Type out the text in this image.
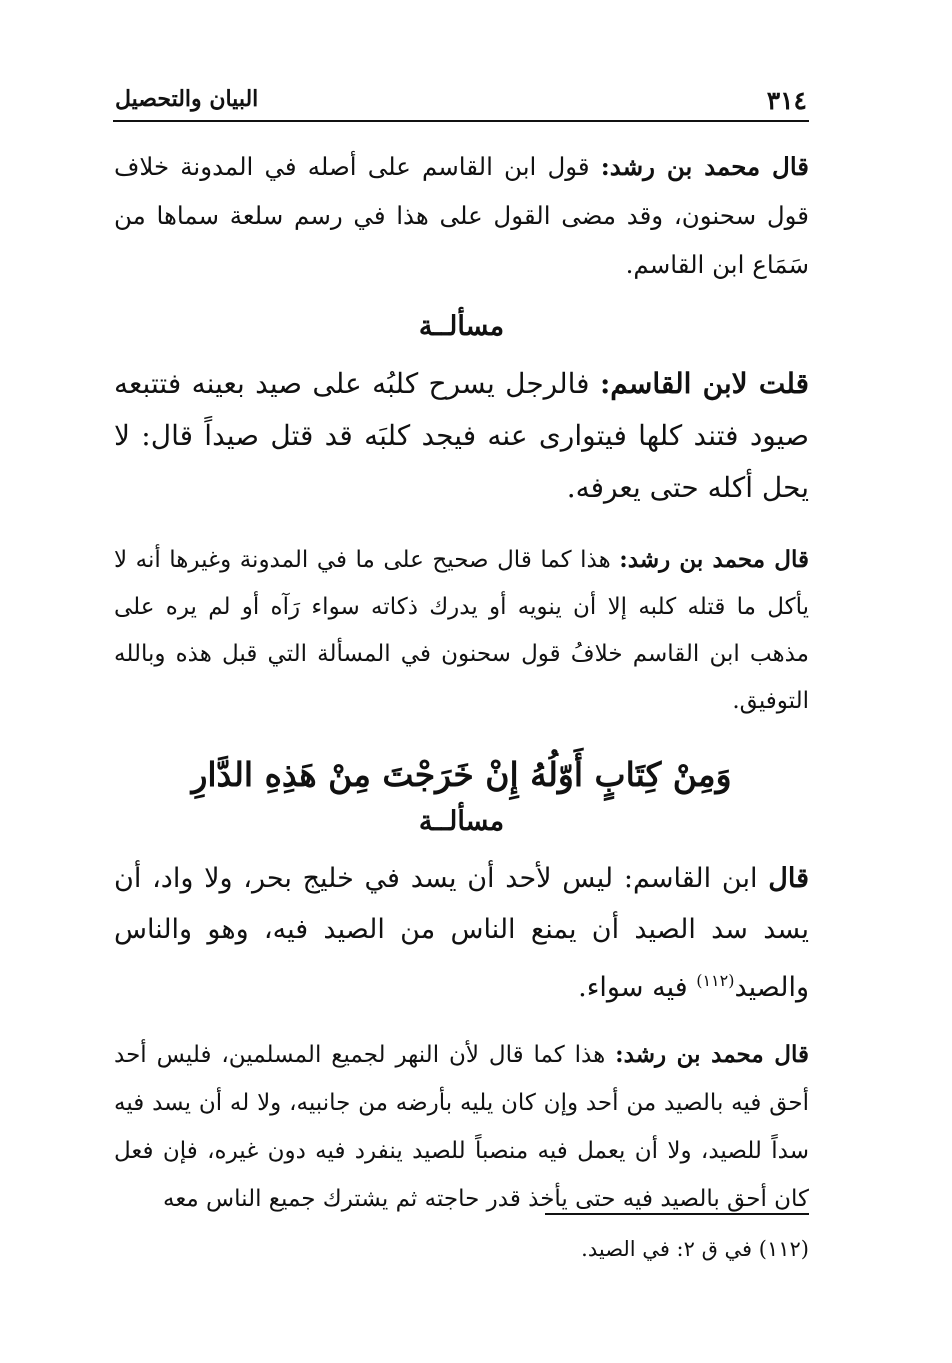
٣١٤
البيان والتحصيل

قال محمد بن رشد: قول ابن القاسم على أصله في المدونة خلاف قول سحنون، وقد مضى القول على هذا في رسم سلعة سماها من سَمَاع ابن القاسم.

مسألــة

قلت لابن القاسم: فالرجل يسرح كلبُه على صيد بعينه فتتبعه صيود فتند كلها فيتوارى عنه فيجد كلبَه قد قتل صيداً قال: لا يحل أكله حتى يعرفه.

قال محمد بن رشد: هذا كما قال صحيح على ما في المدونة وغيرها أنه لا يأكل ما قتله كلبه إلا أن ينويه أو يدرك ذكاته سواء رَآه أو لم يره على مذهب ابن القاسم خلافُ قول سحنون في المسألة التي قبل هذه وبالله التوفيق.

وَمِنْ كِتَابٍ أَوّلُهُ إِنْ خَرَجْتَ مِنْ هَذِهِ الدَّارِ

مسألــة

قال ابن القاسم: ليس لأحد أن يسد في خليج بحر، ولا واد، أن يسد سد الصيد أن يمنع الناس من الصيد فيه، وهو والناس والصيد$^{(١١٢)}$ فيه سواء.

قال محمد بن رشد: هذا كما قال لأن النهر لجميع المسلمين، فليس أحد أحق فيه بالصيد من أحد وإن كان يليه بأرضه من جانبيه، ولا له أن يسد فيه سداً للصيد، ولا أن يعمل فيه منصباً للصيد ينفرد فيه دون غيره، فإن فعل كان أحق بالصيد فيه حتى يأخذ قدر حاجته ثم يشترك جميع الناس معه

(١١٢) في ق ٢: في الصيد.
